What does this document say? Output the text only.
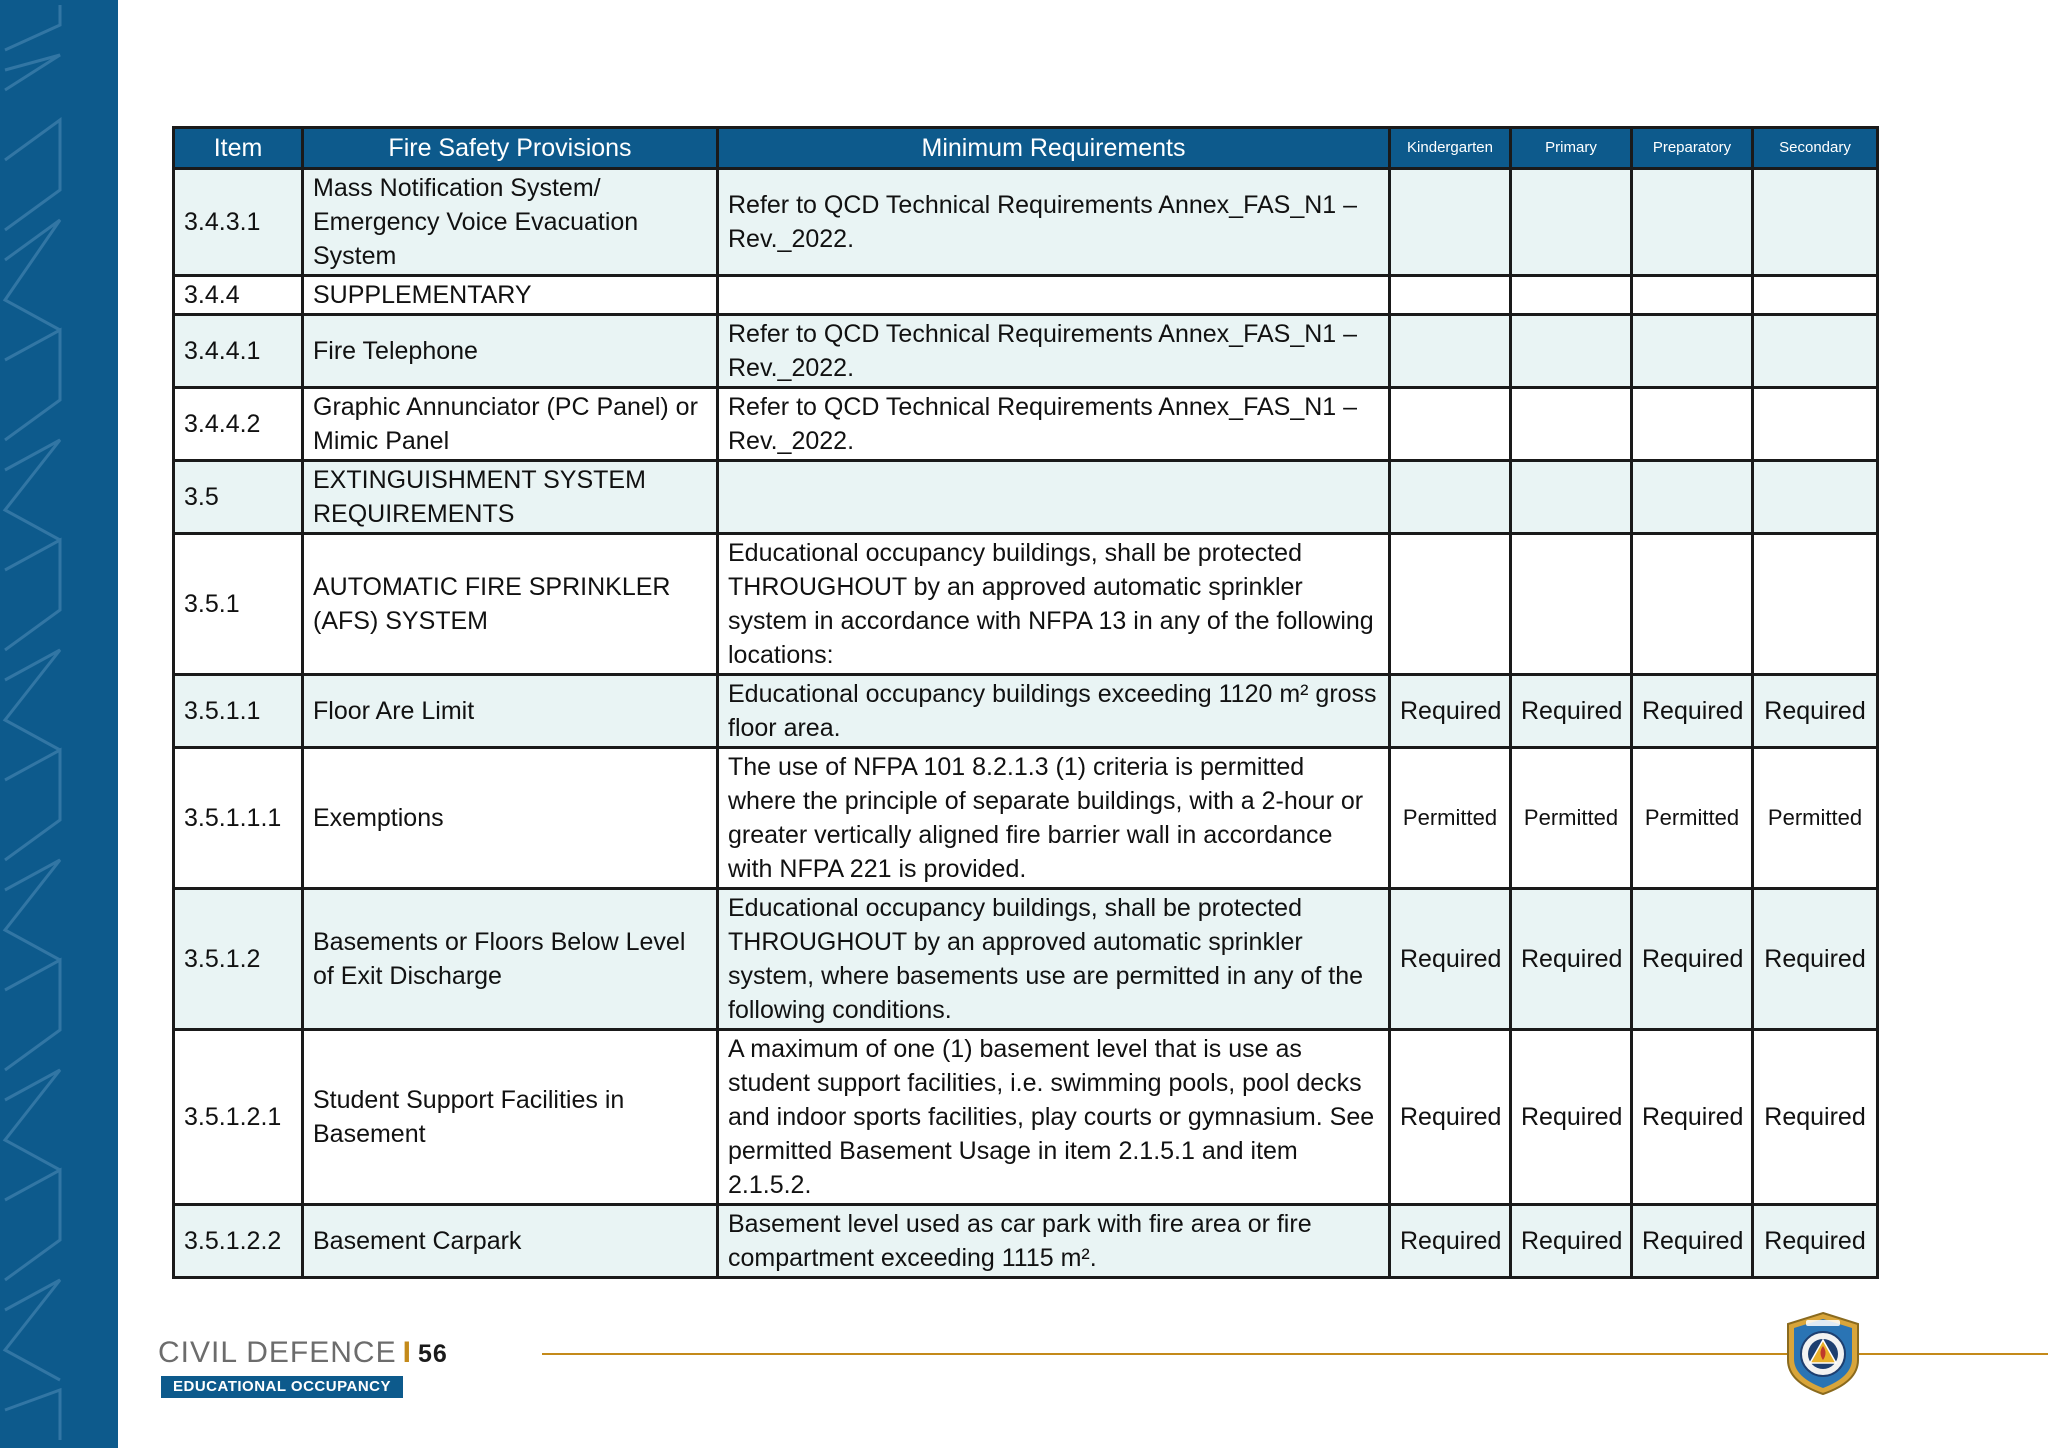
Item	Fire Safety Provisions	Minimum Requirements	Kindergarten	Primary	Preparatory	Secondary
3.4.3.1	Mass Notification System/ Emergency Voice Evacuation System	Refer to QCD Technical Requirements Annex_FAS_N1 – Rev._2022.				
3.4.4	SUPPLEMENTARY					
3.4.4.1	Fire Telephone	Refer to QCD Technical Requirements Annex_FAS_N1 – Rev._2022.				
3.4.4.2	Graphic Annunciator (PC Panel) or Mimic Panel	Refer to QCD Technical Requirements Annex_FAS_N1 – Rev._2022.				
3.5	EXTINGUISHMENT SYSTEM REQUIREMENTS					
3.5.1	AUTOMATIC FIRE SPRINKLER (AFS) SYSTEM	Educational occupancy buildings, shall be protected THROUGHOUT by an approved automatic sprinkler system in accordance with NFPA 13 in any of the following locations:				
3.5.1.1	Floor Are Limit	Educational occupancy buildings exceeding 1120 m² gross floor area.	Required	Required	Required	Required
3.5.1.1.1	Exemptions	The use of NFPA 101 8.2.1.3 (1) criteria is permitted where the principle of separate buildings, with a 2-hour or greater vertically aligned fire barrier wall in accordance with NFPA 221 is provided.	Permitted	Permitted	Permitted	Permitted
3.5.1.2	Basements or Floors Below Level of Exit Discharge	Educational occupancy buildings, shall be protected THROUGHOUT by an approved automatic sprinkler system, where basements use are permitted in any of the following conditions.	Required	Required	Required	Required
3.5.1.2.1	Student Support Facilities in Basement	A maximum of one (1) basement level that is use as student support facilities, i.e. swimming pools, pool decks and indoor sports facilities, play courts or gymnasium. See permitted Basement Usage in item 2.1.5.1 and item 2.1.5.2.	Required	Required	Required	Required
3.5.1.2.2	Basement Carpark	Basement level used as car park with fire area or fire compartment exceeding 1115 m².	Required	Required	Required	Required
CIVIL DEFENCE I 56
EDUCATIONAL OCCUPANCY
